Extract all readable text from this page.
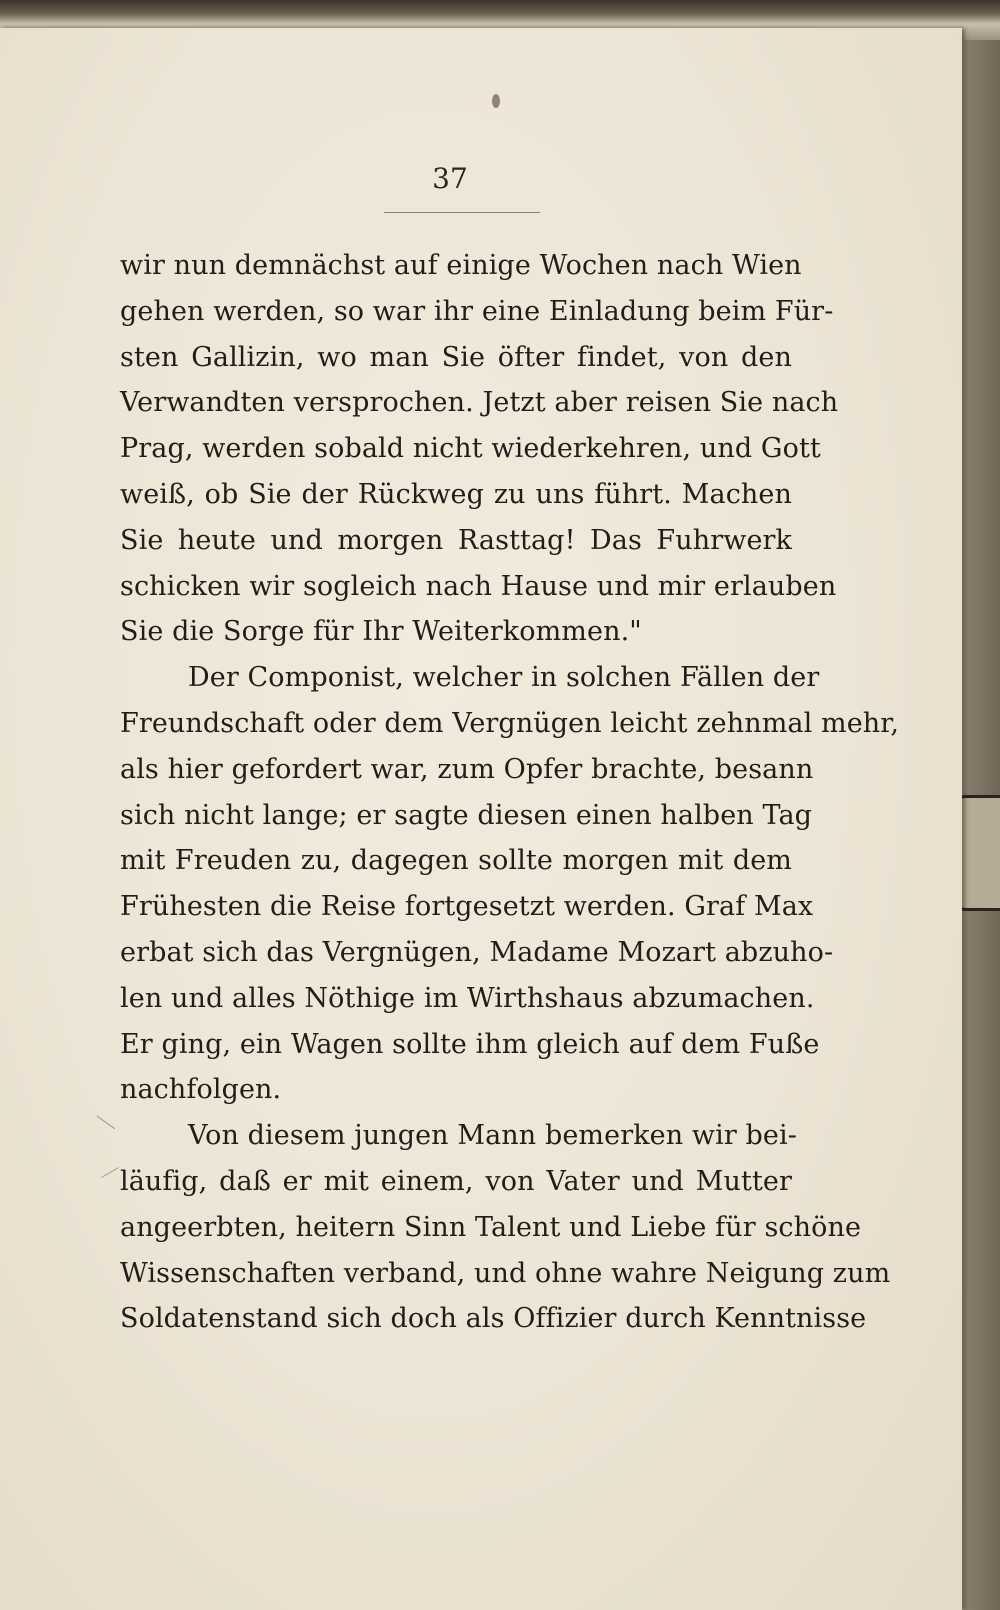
37
wir nun demnächst auf einige Wochen nach Wien
gehen werden, so war ihr eine Einladung beim Für-
sten Gallizin, wo man Sie öfter findet, von den
Verwandten versprochen. Jetzt aber reisen Sie nach
Prag, werden sobald nicht wiederkehren, und Gott
weiß, ob Sie der Rückweg zu uns führt. Machen
Sie heute und morgen Rasttag! Das Fuhrwerk
schicken wir sogleich nach Hause und mir erlauben
Sie die Sorge für Ihr Weiterkommen."
Der Componist, welcher in solchen Fällen der
Freundschaft oder dem Vergnügen leicht zehnmal mehr,
als hier gefordert war, zum Opfer brachte, besann
sich nicht lange; er sagte diesen einen halben Tag
mit Freuden zu, dagegen sollte morgen mit dem
Frühesten die Reise fortgesetzt werden. Graf Max
erbat sich das Vergnügen, Madame Mozart abzuho-
len und alles Nöthige im Wirthshaus abzumachen.
Er ging, ein Wagen sollte ihm gleich auf dem Fuße
nachfolgen.
Von diesem jungen Mann bemerken wir bei-
läufig, daß er mit einem, von Vater und Mutter
angeerbten, heitern Sinn Talent und Liebe für schöne
Wissenschaften verband, und ohne wahre Neigung zum
Soldatenstand sich doch als Offizier durch Kenntnisse
